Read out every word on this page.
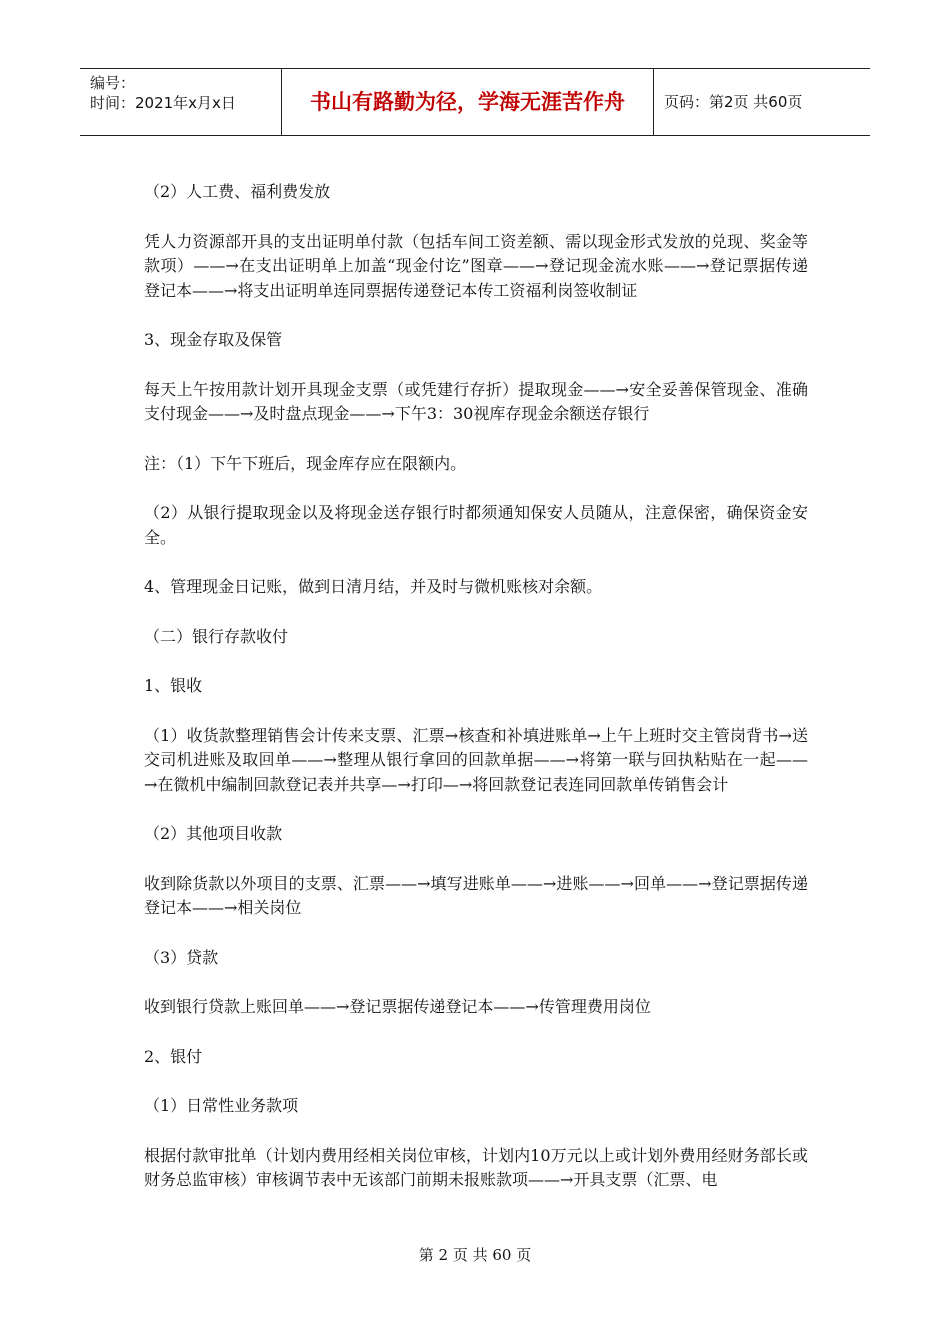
编号：
时间：2021年x月x日	书山有路勤为径，学海无涯苦作舟	页码：第2页 共60页

（2）人工费、福利费发放

凭人力资源部开具的支出证明单付款（包括车间工资差额、需以现金形式发放的兑现、奖金等款项）——→在支出证明单上加盖“现金付讫”图章——→登记现金流水账——→登记票据传递登记本——→将支出证明单连同票据传递登记本传工资福利岗签收制证

3、现金存取及保管

每天上午按用款计划开具现金支票（或凭建行存折）提取现金——→安全妥善保管现金、准确支付现金——→及时盘点现金——→下午3：30视库存现金余额送存银行

注：（1）下午下班后，现金库存应在限额内。

（2）从银行提取现金以及将现金送存银行时都须通知保安人员随从，注意保密，确保资金安全。

4、管理现金日记账，做到日清月结，并及时与微机账核对余额。

（二）银行存款收付

1、银收

（1）收货款整理销售会计传来支票、汇票→核查和补填进账单→上午上班时交主管岗背书→送交司机进账及取回单——→整理从银行拿回的回款单据——→将第一联与回执粘贴在一起——→在微机中编制回款登记表并共享—→打印—→将回款登记表连同回款单传销售会计

（2）其他项目收款

收到除货款以外项目的支票、汇票——→填写进账单——→进账——→回单——→登记票据传递登记本——→相关岗位

（3）贷款

收到银行贷款上账回单——→登记票据传递登记本——→传管理费用岗位

2、银付

（1）日常性业务款项

根据付款审批单（计划内费用经相关岗位审核，计划内10万元以上或计划外费用经财务部长或财务总监审核）审核调节表中无该部门前期未报账款项——→开具支票（汇票、电

第 2 页 共 60 页
